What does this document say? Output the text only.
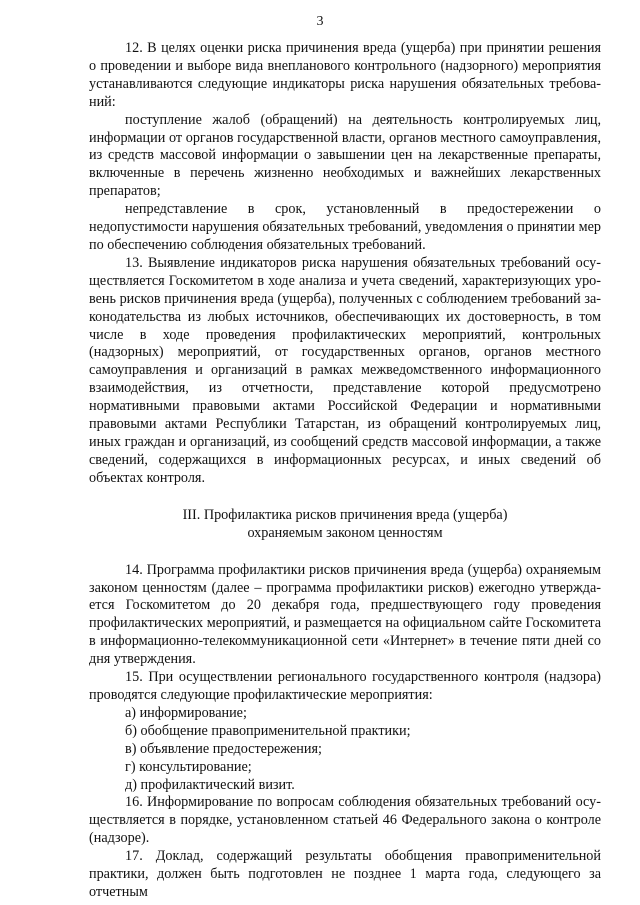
3

12. В целях оценки риска причинения вреда (ущерба) при принятии решения о проведении и выборе вида внепланового контрольного (надзорного) мероприятия устанавливаются следующие индикаторы риска нарушения обязательных требований:

поступление жалоб (обращений) на деятельность контролируемых лиц, информации от органов государственной власти, органов местного самоуправления, из средств массовой информации о завышении цен на лекарственные препараты, включенные в перечень жизненно необходимых и важнейших лекарственных препаратов;

непредставление в срок, установленный в предостережении о недопустимости нарушения обязательных требований, уведомления о принятии мер по обеспечению соблюдения обязательных требований.

13. Выявление индикаторов риска нарушения обязательных требований осуществляется Госкомитетом в ходе анализа и учета сведений, характеризующих уровень рисков причинения вреда (ущерба), полученных с соблюдением требований законодательства из любых источников, обеспечивающих их достоверность, в том числе в ходе проведения профилактических мероприятий, контрольных (надзорных) мероприятий, от государственных органов, органов местного самоуправления и организаций в рамках межведомственного информационного взаимодействия, из отчетности, представление которой предусмотрено нормативными правовыми актами Российской Федерации и нормативными правовыми актами Республики Татарстан, из обращений контролируемых лиц, иных граждан и организаций, из сообщений средств массовой информации, а также сведений, содержащихся в информационных ресурсах, и иных сведений об объектах контроля.

III. Профилактика рисков причинения вреда (ущерба)

охраняемым законом ценностям

14. Программа профилактики рисков причинения вреда (ущерба) охраняемым законом ценностям (далее – программа профилактики рисков) ежегодно утверждается Госкомитетом до 20 декабря года, предшествующего году проведения профилактических мероприятий, и размещается на официальном сайте Госкомитета в информационно-телекоммуникационной сети «Интернет» в течение пяти дней со дня утверждения.

15. При осуществлении регионального государственного контроля (надзора) проводятся следующие профилактические мероприятия:

а) информирование;

б) обобщение правоприменительной практики;

в) объявление предостережения;

г) консультирование;

д) профилактический визит.

16. Информирование по вопросам соблюдения обязательных требований осуществляется в порядке, установленном статьей 46 Федерального закона о контроле (надзоре).

17. Доклад, содержащий результаты обобщения правоприменительной практики, должен быть подготовлен не позднее 1 марта года, следующего за отчетным
